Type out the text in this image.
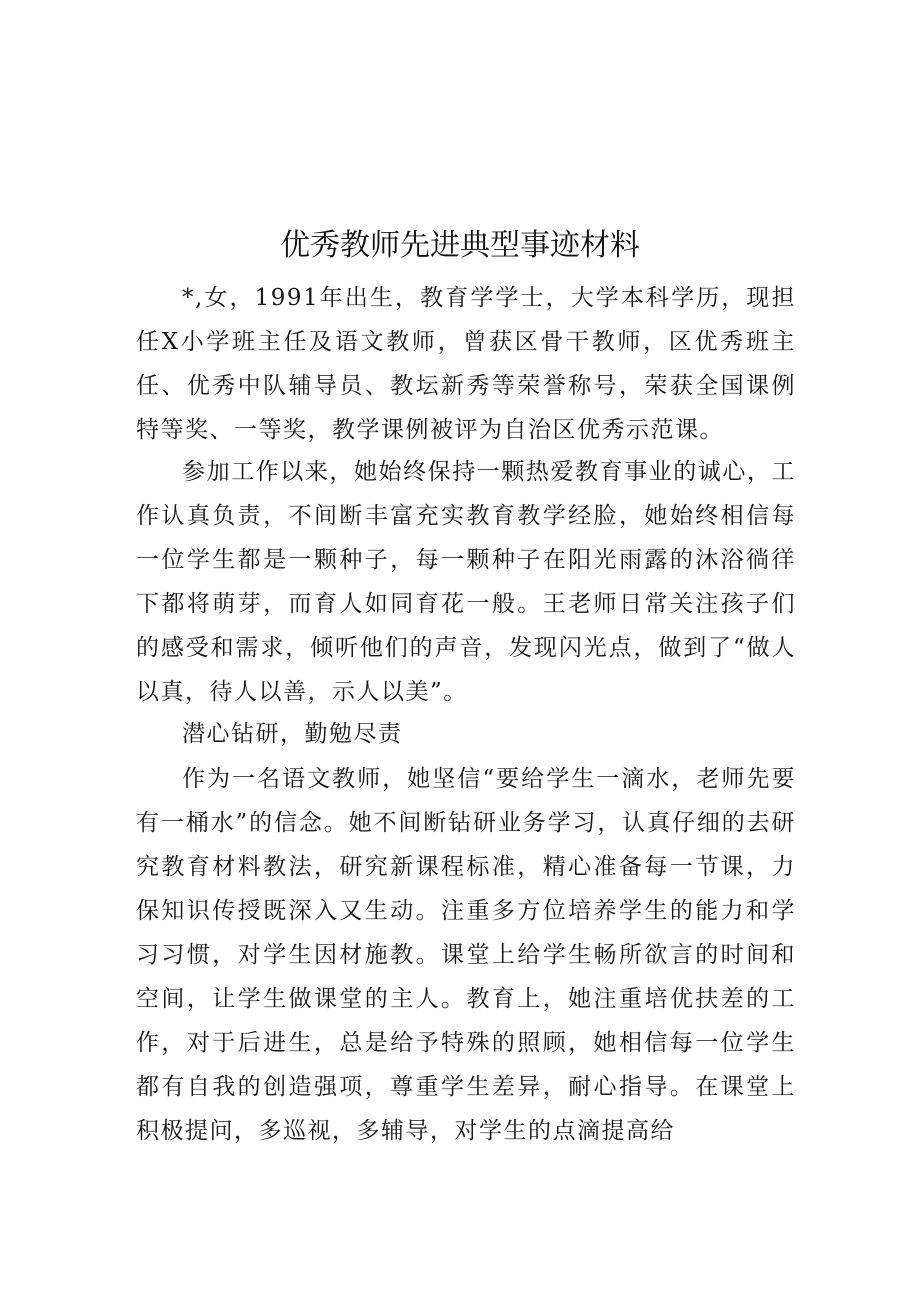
优秀教师先进典型事迹材料

*,女，1991年出生，教育学学士，大学本科学历，现担任X小学班主任及语文教师，曾获区骨干教师，区优秀班主任、优秀中队辅导员、教坛新秀等荣誉称号，荣获全国课例特等奖、一等奖，教学课例被评为自治区优秀示范课。

参加工作以来，她始终保持一颗热爱教育事业的诚心，工作认真负责，不间断丰富充实教育教学经脸，她始终相信每一位学生都是一颗种子，每一颗种子在阳光雨露的沐浴徜徉下都将萌芽，而育人如同育花一般。王老师日常关注孩子们的感受和需求，倾听他们的声音，发现闪光点，做到了“做人以真，待人以善，示人以美”。

潜心钻研，勤勉尽责

作为一名语文教师，她坚信“要给学生一滴水，老师先要有一桶水”的信念。她不间断钻研业务学习，认真仔细的去研究教育材料教法，研究新课程标准，精心准备每一节课，力保知识传授既深入又生动。注重多方位培养学生的能力和学习习惯，对学生因材施教。课堂上给学生畅所欲言的时间和空间，让学生做课堂的主人。教育上，她注重培优扶差的工作，对于后进生，总是给予特殊的照顾，她相信每一位学生都有自我的创造强项，尊重学生差异，耐心指导。在课堂上积极提问，多巡视，多辅导，对学生的点滴提高给
